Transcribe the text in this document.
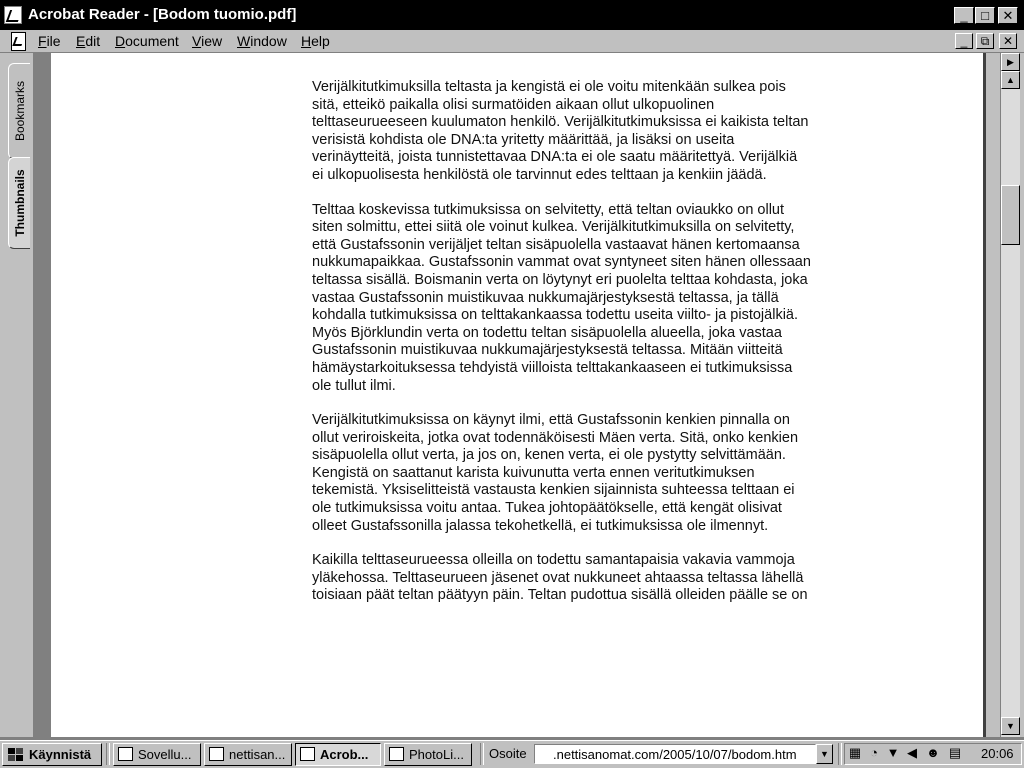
Acrobat Reader - [Bodom tuomio.pdf]	_	□	✕
File Edit Document View Window Help	_	⧉	✕
Bookmarks
Thumbnails

Verijälkitutkimuksilla teltasta ja kengistä ei ole voitu mitenkään sulkea pois
sitä, etteikö paikalla olisi surmatöiden aikaan ollut ulkopuolinen
telttaseurueeseen kuulumaton henkilö. Verijälkitutkimuksissa ei kaikista teltan
verisistä kohdista ole DNA:ta yritetty määrittää, ja lisäksi on useita
verinäytteitä, joista tunnistettavaa DNA:ta ei ole saatu määritettyä. Verijälkiä
ei ulkopuolisesta henkilöstä ole tarvinnut edes telttaan ja kenkiin jäädä.

Telttaa koskevissa tutkimuksissa on selvitetty, että teltan oviaukko on ollut
siten solmittu, ettei siitä ole voinut kulkea. Verijälkitutkimuksilla on selvitetty,
että Gustafssonin verijäljet teltan sisäpuolella vastaavat hänen kertomaansa
nukkumapaikkaa. Gustafssonin vammat ovat syntyneet siten hänen ollessaan
teltassa sisällä. Boismanin verta on löytynyt eri puolelta telttaa kohdasta, joka
vastaa Gustafssonin muistikuvaa nukkumajärjestyksestä teltassa, ja tällä
kohdalla tutkimuksissa on telttakankaassa todettu useita viilto- ja pistojälkiä.
Myös Björklundin verta on todettu teltan sisäpuolella alueella, joka vastaa
Gustafssonin muistikuvaa nukkumajärjestyksestä teltassa. Mitään viitteitä
hämäystarkoituksessa tehdyistä viilloista telttakankaaseen ei tutkimuksissa
ole tullut ilmi.

Verijälkitutkimuksissa on käynyt ilmi, että Gustafssonin kenkien pinnalla on
ollut veriroiskeita, jotka ovat todennäköisesti Mäen verta. Sitä, onko kenkien
sisäpuolella ollut verta, ja jos on, kenen verta, ei ole pystytty selvittämään.
Kengistä on saattanut karista kuivunutta verta ennen veritutkimuksen
tekemistä. Yksiselitteistä vastausta kenkien sijainnista suhteessa telttaan ei
ole tutkimuksissa voitu antaa. Tukea johtopäätökselle, että kengät olisivat
olleet Gustafssonilla jalassa tekohetkellä, ei tutkimuksissa ole ilmennyt.

Kaikilla telttaseurueessa olleilla on todettu samantapaisia vakavia vammoja
yläkehossa. Telttaseurueen jäsenet ovat nukkuneet ahtaassa teltassa lähellä
toisiaan päät teltan päätyyn päin. Teltan pudottua sisällä olleiden päälle se on

▶
▲
▼
Käynnistä	Sovellu...	nettisan...	Acrob...	PhotoLi...	Osoite
.nettisanomat.com/2005/10/07/bodom.htm	▼	▦ ◔ ▼ ◀ ☻ ▤ 20:06
